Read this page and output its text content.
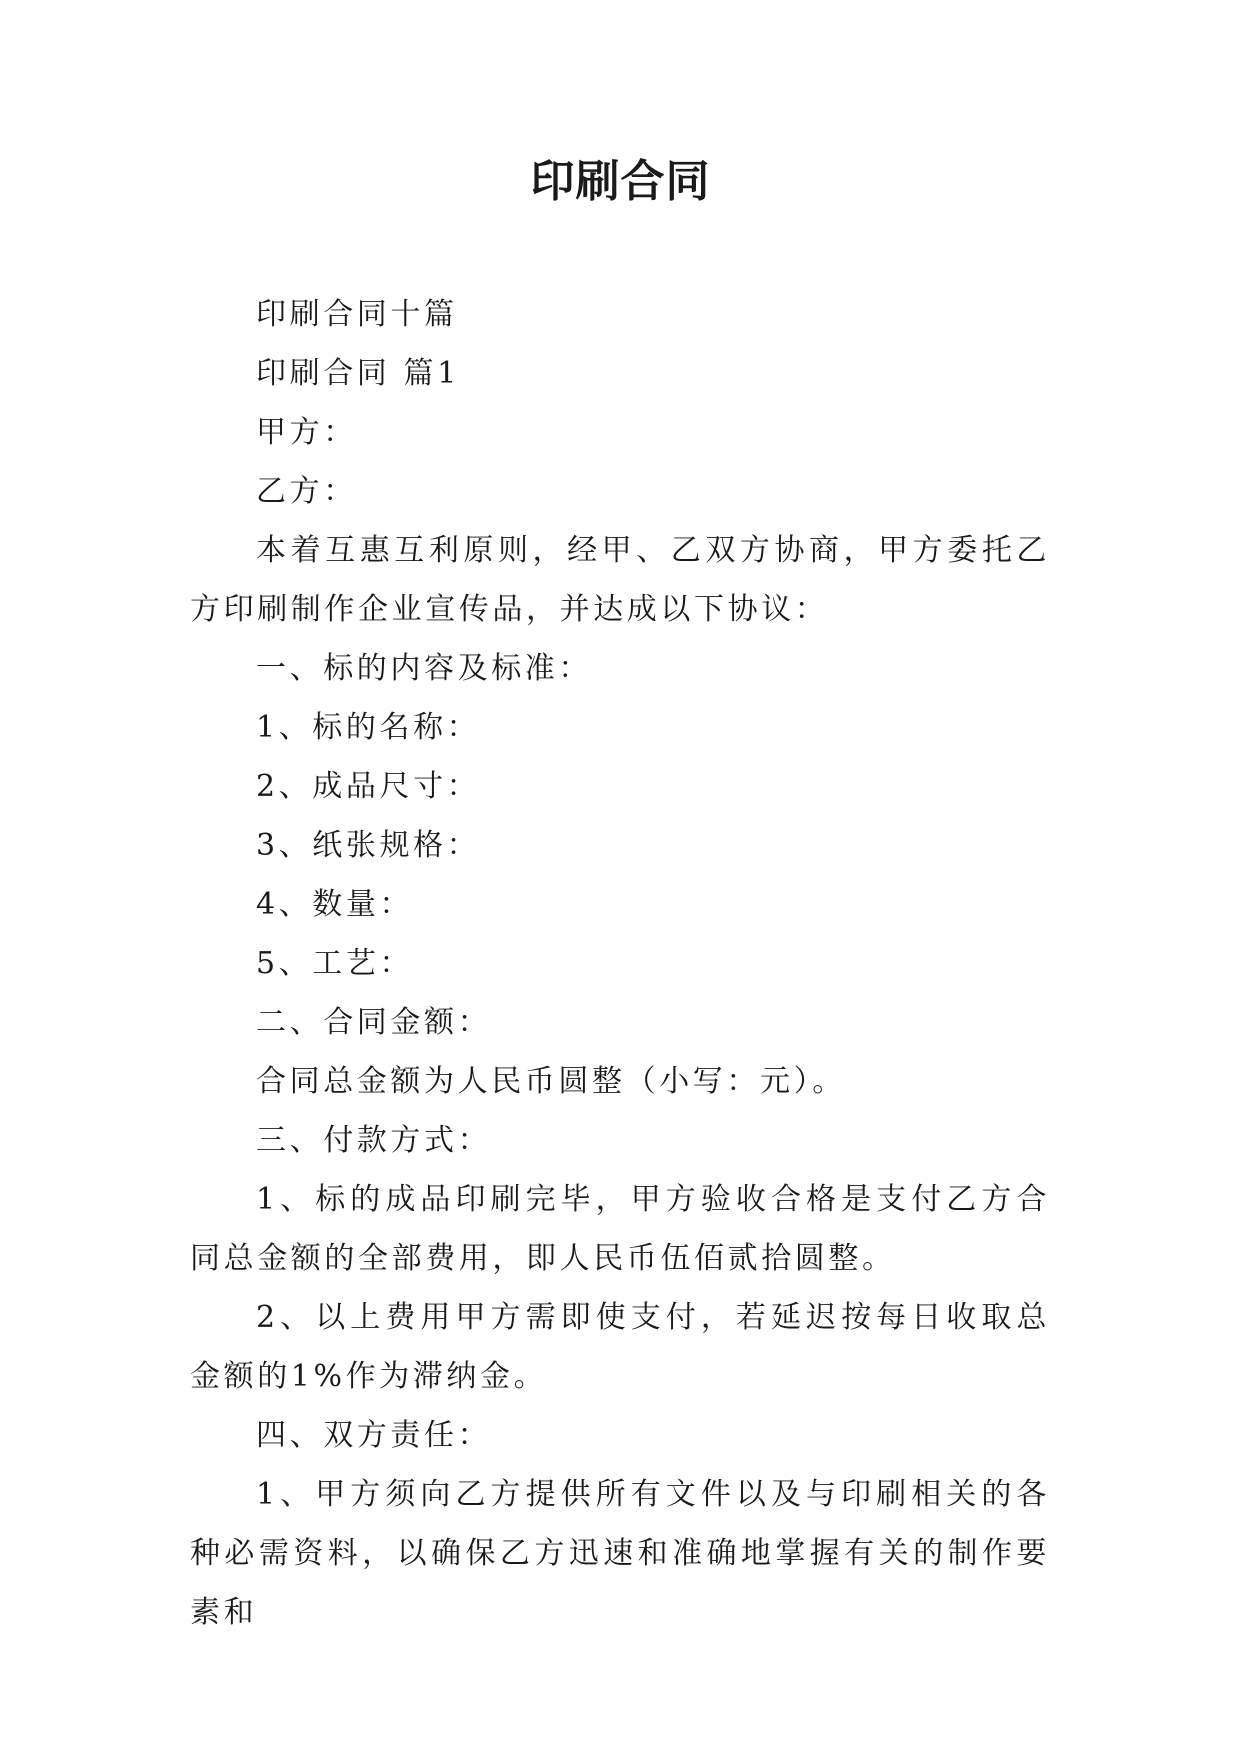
印刷合同

印刷合同十篇

印刷合同 篇1

甲方：

乙方：

本着互惠互利原则，经甲、乙双方协商，甲方委托乙方印刷制作企业宣传品，并达成以下协议：

一、标的内容及标准：

1、标的名称：

2、成品尺寸：

3、纸张规格：

4、数量：

5、工艺：

二、合同金额：

合同总金额为人民币圆整（小写：元）。

三、付款方式：

1、标的成品印刷完毕，甲方验收合格是支付乙方合同总金额的全部费用，即人民币伍佰贰拾圆整。

2、以上费用甲方需即使支付，若延迟按每日收取总金额的1%作为滞纳金。

四、双方责任：

1、甲方须向乙方提供所有文件以及与印刷相关的各种必需资料，以确保乙方迅速和准确地掌握有关的制作要素和
